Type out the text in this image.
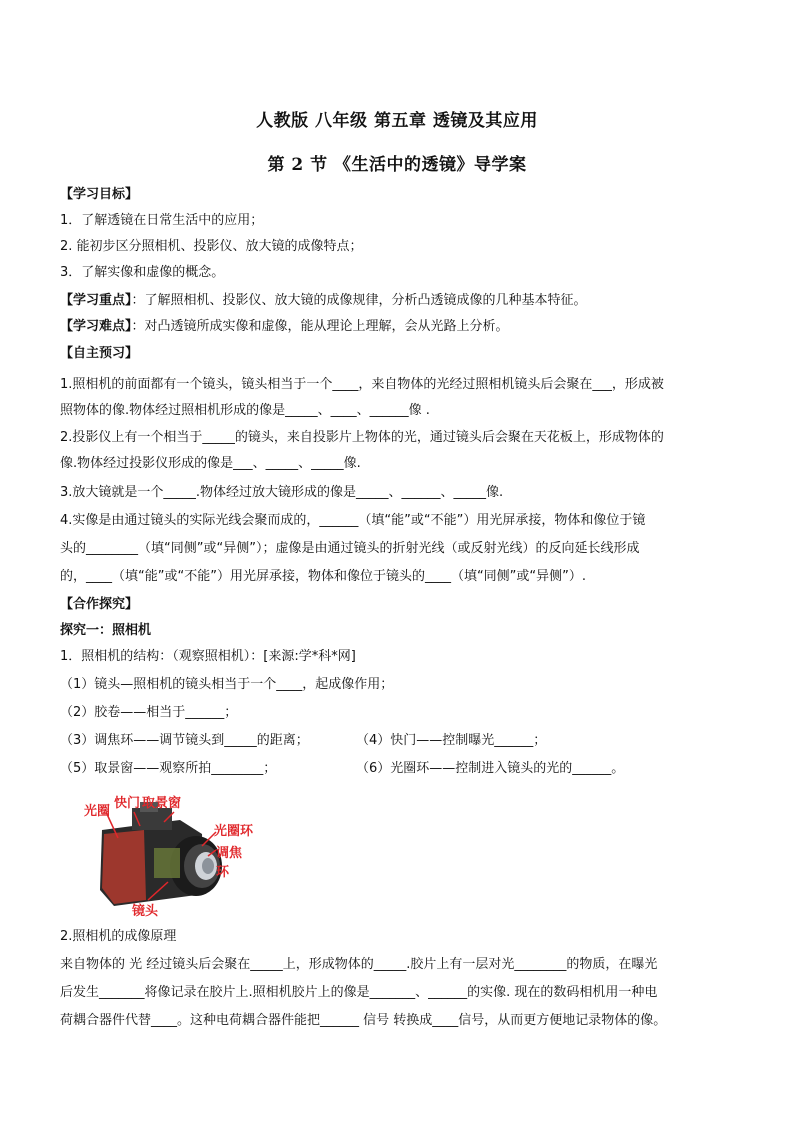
人教版 八年级 第五章 透镜及其应用
第 2 节 《生活中的透镜》导学案
【学习目标】
1．了解透镜在日常生活中的应用；
2. 能初步区分照相机、投影仪、放大镜的成像特点；
3．了解实像和虚像的概念。
【学习重点】：了解照相机、投影仪、放大镜的成像规律，分析凸透镜成像的几种基本特征。
【学习难点】：对凸透镜所成实像和虚像，能从理论上理解，会从光路上分析。
【自主预习】
1.照相机的前面都有一个镜头，镜头相当于一个____，来自物体的光经过照相机镜头后会聚在___，形成被
照物体的像.物体经过照相机形成的像是_____、____、______像 .
2.投影仪上有一个相当于_____的镜头，来自投影片上物体的光，通过镜头后会聚在天花板上，形成物体的
像.物体经过投影仪形成的像是___、_____、_____像.
3.放大镜就是一个_____.物体经过放大镜形成的像是_____、______、_____像.
4.实像是由通过镜头的实际光线会聚而成的，______（填“能”或“不能”）用光屏承接，物体和像位于镜
头的________（填“同侧”或“异侧”）；虚像是由通过镜头的折射光线（或反射光线）的反向延长线形成
的，____（填“能”或“不能”）用光屏承接，物体和像位于镜头的____（填“同侧”或“异侧”）.
【合作探究】
探究一：照相机
1．照相机的结构：（观察照相机）：[来源:学*科*网]
（1）镜头—照相机的镜头相当于一个____，起成像作用；
（2）胶卷——相当于______；
（3）调焦环——调节镜头到_____的距离；	（4）快门——控制曝光______；
（5）取景窗——观察所拍________；	（6）光圈环——控制进入镜头的光的______。
光圈
快门 取景窗
光圈环
调焦环
镜头
2.照相机的成像原理
来自物体的 光 经过镜头后会聚在_____上，形成物体的_____.胶片上有一层对光________的物质，在曝光
后发生_______将像记录在胶片上.照相机胶片上的像是_______、______的实像. 现在的数码相机用一种电
荷耦合器件代替____。这种电荷耦合器件能把______ 信号 转换成____信号，从而更方便地记录物体的像。
